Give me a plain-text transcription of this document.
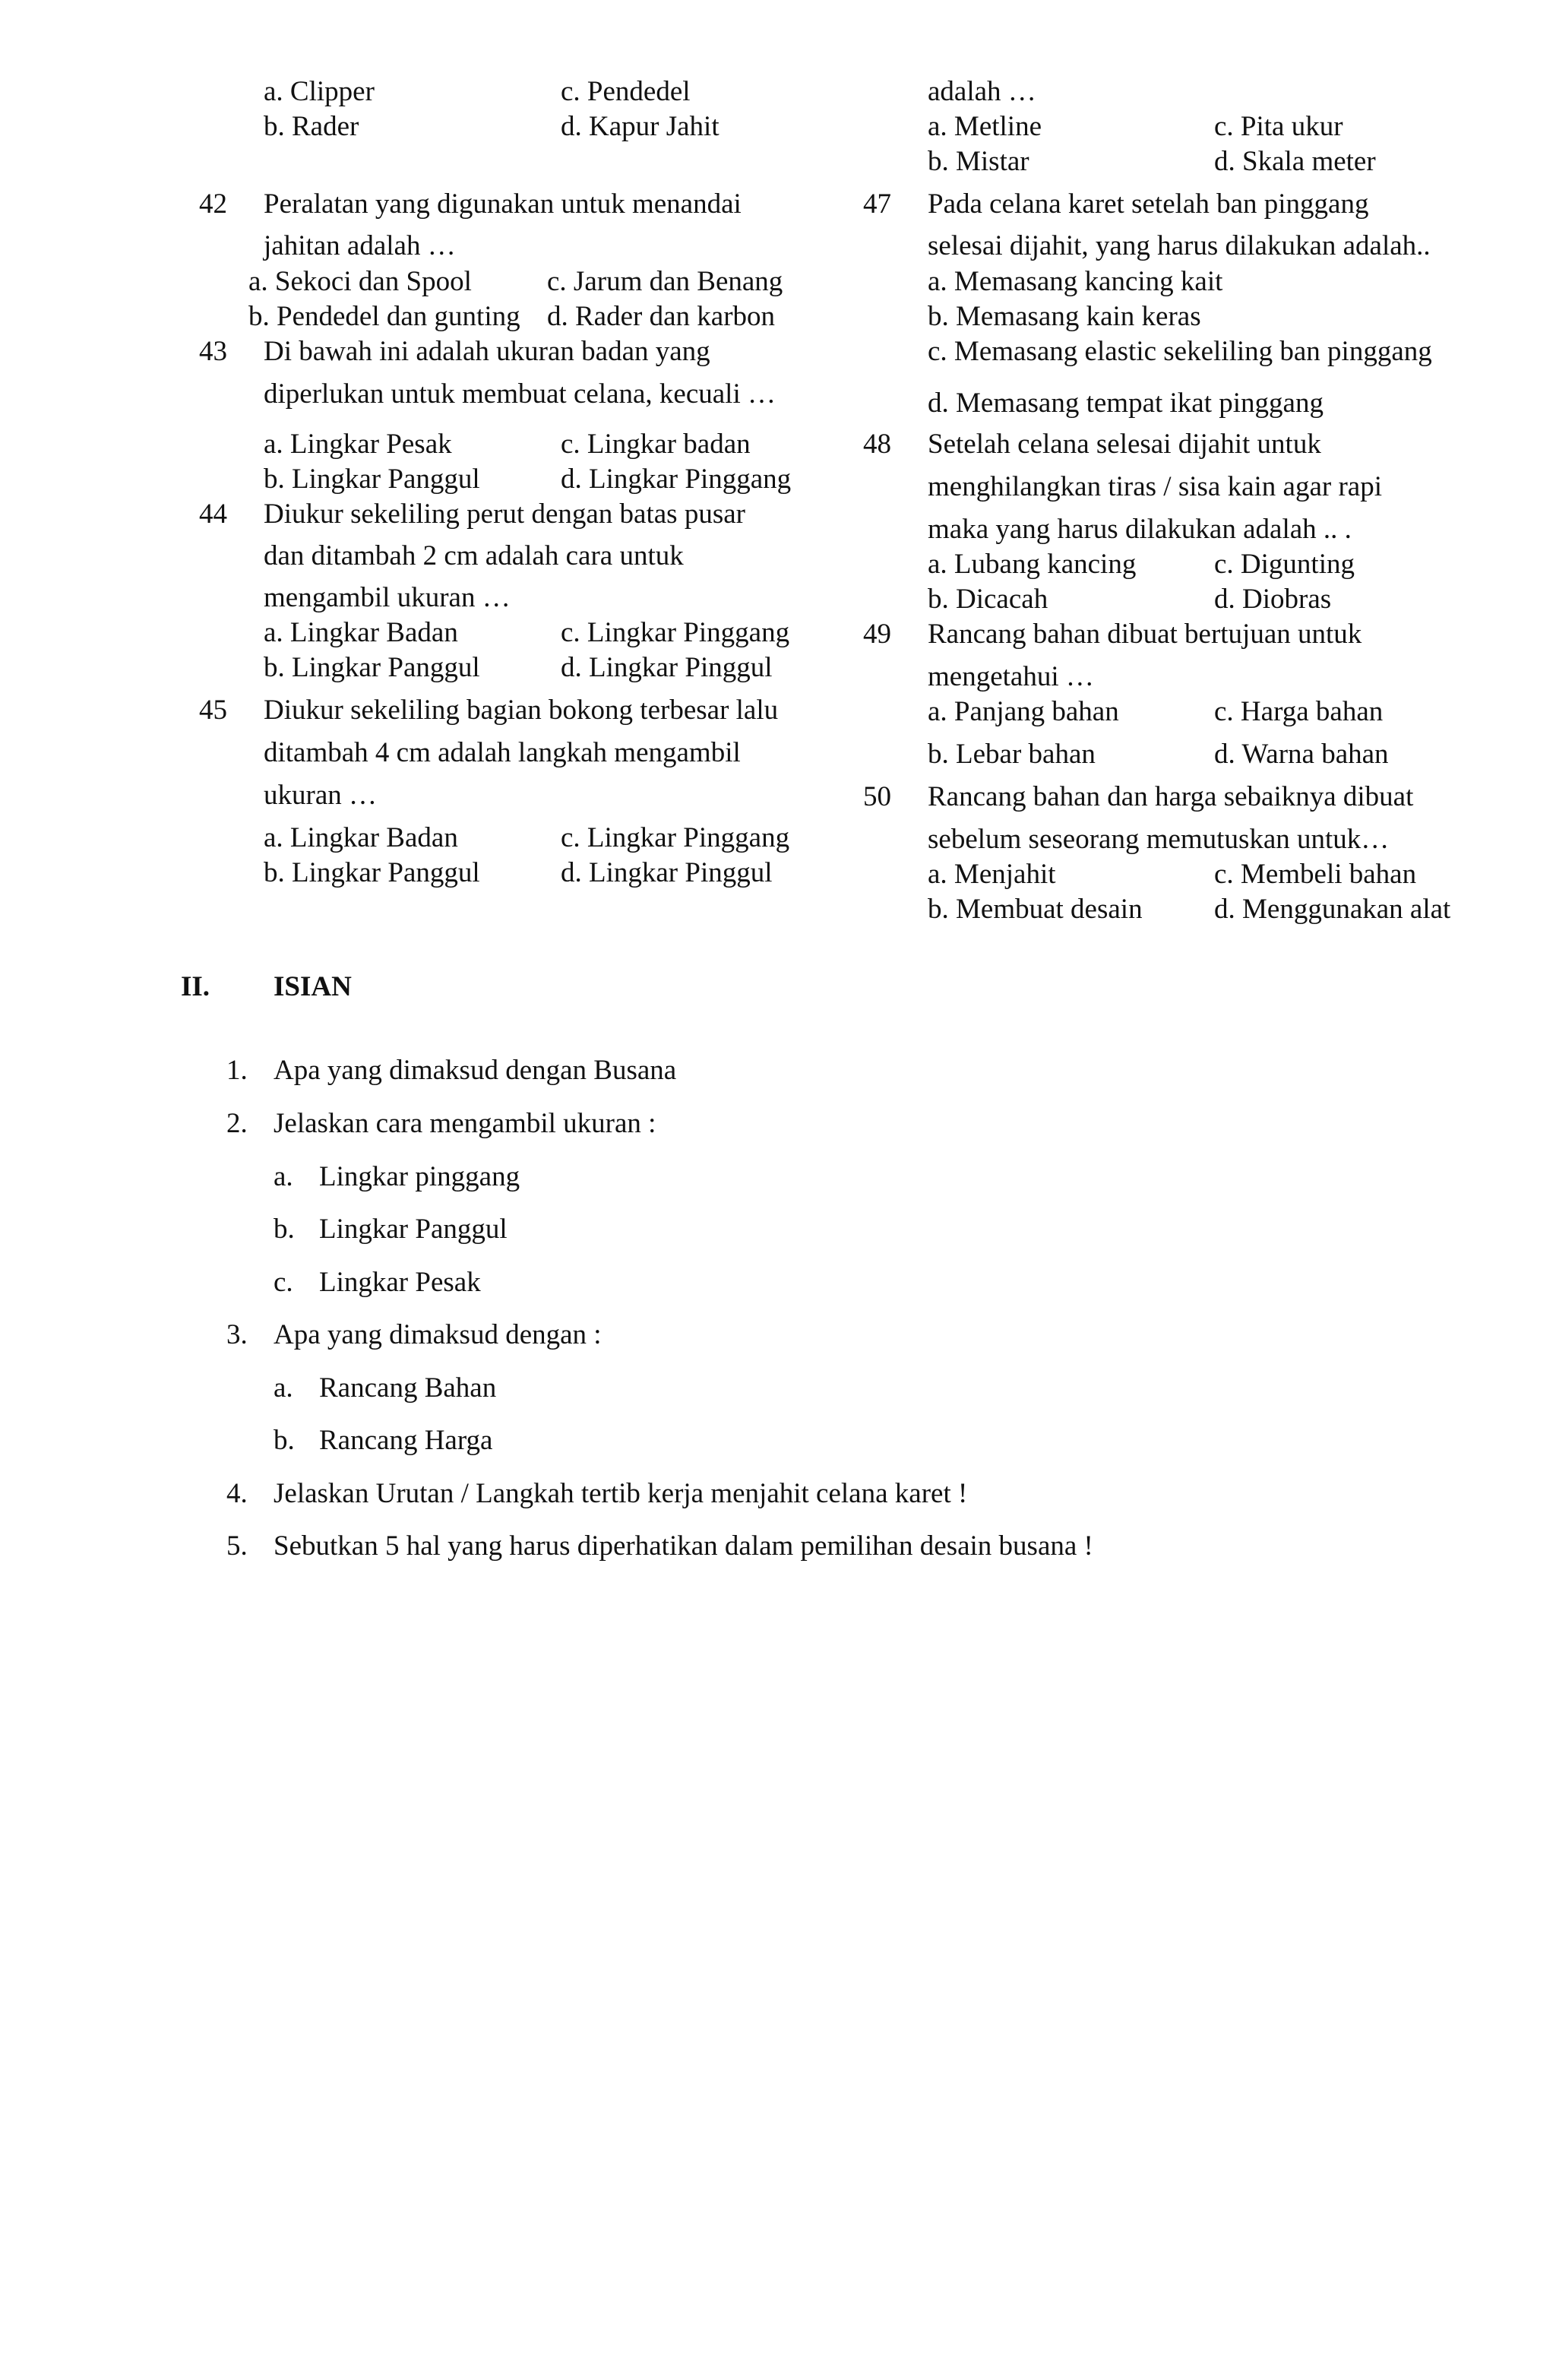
a. Clipper	c. Pendedel
b. Rader	d. Kapur Jahit
42 Peralatan yang digunakan untuk menandai
jahitan adalah …
a. Sekoci dan Spool	c. Jarum dan Benang
b. Pendedel dan gunting d. Rader dan karbon
43 Di bawah ini adalah ukuran badan yang
diperlukan untuk membuat celana, kecuali …
a. Lingkar Pesak	c. Lingkar badan
b. Lingkar Panggul	d. Lingkar Pinggang
44 Diukur sekeliling perut dengan batas pusar
dan ditambah 2 cm adalah cara untuk
mengambil ukuran …
a. Lingkar Badan	c. Lingkar Pinggang
b. Lingkar Panggul	d. Lingkar Pinggul
45 Diukur sekeliling bagian bokong terbesar lalu
ditambah 4 cm adalah langkah mengambil
ukuran …
a. Lingkar Badan	c. Lingkar Pinggang
b. Lingkar Panggul	d. Lingkar Pinggul
adalah …
a. Metline	c. Pita ukur
b. Mistar	d. Skala meter
47 Pada celana karet setelah ban pinggang
selesai dijahit, yang harus dilakukan adalah..
a. Memasang kancing kait
b. Memasang kain keras
c. Memasang elastic sekeliling ban pinggang
d. Memasang tempat ikat pinggang
48 Setelah celana selesai dijahit untuk
menghilangkan tiras / sisa kain agar rapi
maka yang harus dilakukan adalah .. .
a. Lubang kancing	c. Digunting
b. Dicacah	d. Diobras
49 Rancang bahan dibuat bertujuan untuk
mengetahui …
a. Panjang bahan	c. Harga bahan
b. Lebar bahan	d. Warna bahan
50 Rancang bahan dan harga sebaiknya dibuat
sebelum seseorang memutuskan untuk…
a. Menjahit	c. Membeli bahan
b. Membuat desain	d. Menggunakan alat
II. ISIAN
1. Apa yang dimaksud dengan Busana
2. Jelaskan cara mengambil ukuran :
a. Lingkar pinggang
b. Lingkar Panggul
c. Lingkar Pesak
3. Apa yang dimaksud dengan :
a. Rancang Bahan
b. Rancang Harga
4. Jelaskan Urutan / Langkah tertib kerja menjahit celana karet !
5. Sebutkan 5 hal yang harus diperhatikan dalam pemilihan desain busana !
